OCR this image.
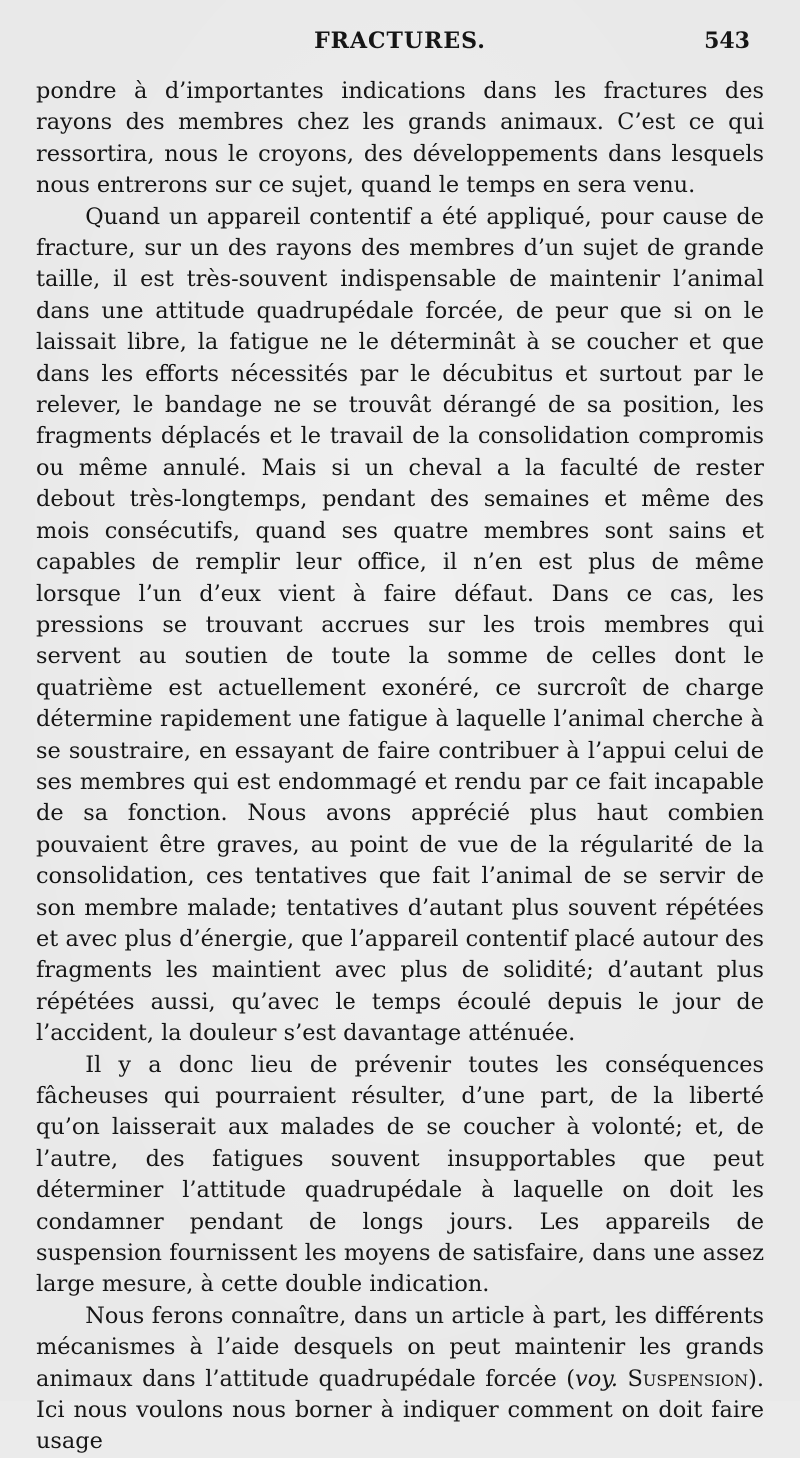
FRACTURES.	543

pondre à d’importantes indications dans les fractures des rayons des membres chez les grands animaux. C’est ce qui ressortira, nous le croyons, des développements dans lesquels nous entrerons sur ce sujet, quand le temps en sera venu.

Quand un appareil contentif a été appliqué, pour cause de fracture, sur un des rayons des membres d’un sujet de grande taille, il est très-souvent indispensable de maintenir l’animal dans une attitude quadrupédale forcée, de peur que si on le laissait libre, la fatigue ne le déterminât à se coucher et que dans les efforts nécessités par le décubitus et surtout par le relever, le bandage ne se trouvât dérangé de sa position, les fragments déplacés et le travail de la consolidation compromis ou même annulé. Mais si un cheval a la faculté de rester debout très-longtemps, pendant des semaines et même des mois consécutifs, quand ses quatre membres sont sains et capables de remplir leur office, il n’en est plus de même lorsque l’un d’eux vient à faire défaut. Dans ce cas, les pressions se trouvant accrues sur les trois membres qui servent au soutien de toute la somme de celles dont le quatrième est actuellement exonéré, ce surcroît de charge détermine rapidement une fatigue à laquelle l’animal cherche à se soustraire, en essayant de faire contribuer à l’appui celui de ses membres qui est endommagé et rendu par ce fait incapable de sa fonction. Nous avons apprécié plus haut combien pouvaient être graves, au point de vue de la régularité de la consolidation, ces tentatives que fait l’animal de se servir de son membre malade; tentatives d’autant plus souvent répétées et avec plus d’énergie, que l’appareil contentif placé autour des fragments les maintient avec plus de solidité; d’autant plus répétées aussi, qu’avec le temps écoulé depuis le jour de l’accident, la douleur s’est davantage atténuée.

Il y a donc lieu de prévenir toutes les conséquences fâcheuses qui pourraient résulter, d’une part, de la liberté qu’on laisserait aux malades de se coucher à volonté; et, de l’autre, des fatigues souvent insupportables que peut déterminer l’attitude quadrupédale à laquelle on doit les condamner pendant de longs jours. Les appareils de suspension fournissent les moyens de satisfaire, dans une assez large mesure, à cette double indication.

Nous ferons connaître, dans un article à part, les différents mécanismes à l’aide desquels on peut maintenir les grands animaux dans l’attitude quadrupédale forcée (voy. Suspension). Ici nous voulons nous borner à indiquer comment on doit faire usage
